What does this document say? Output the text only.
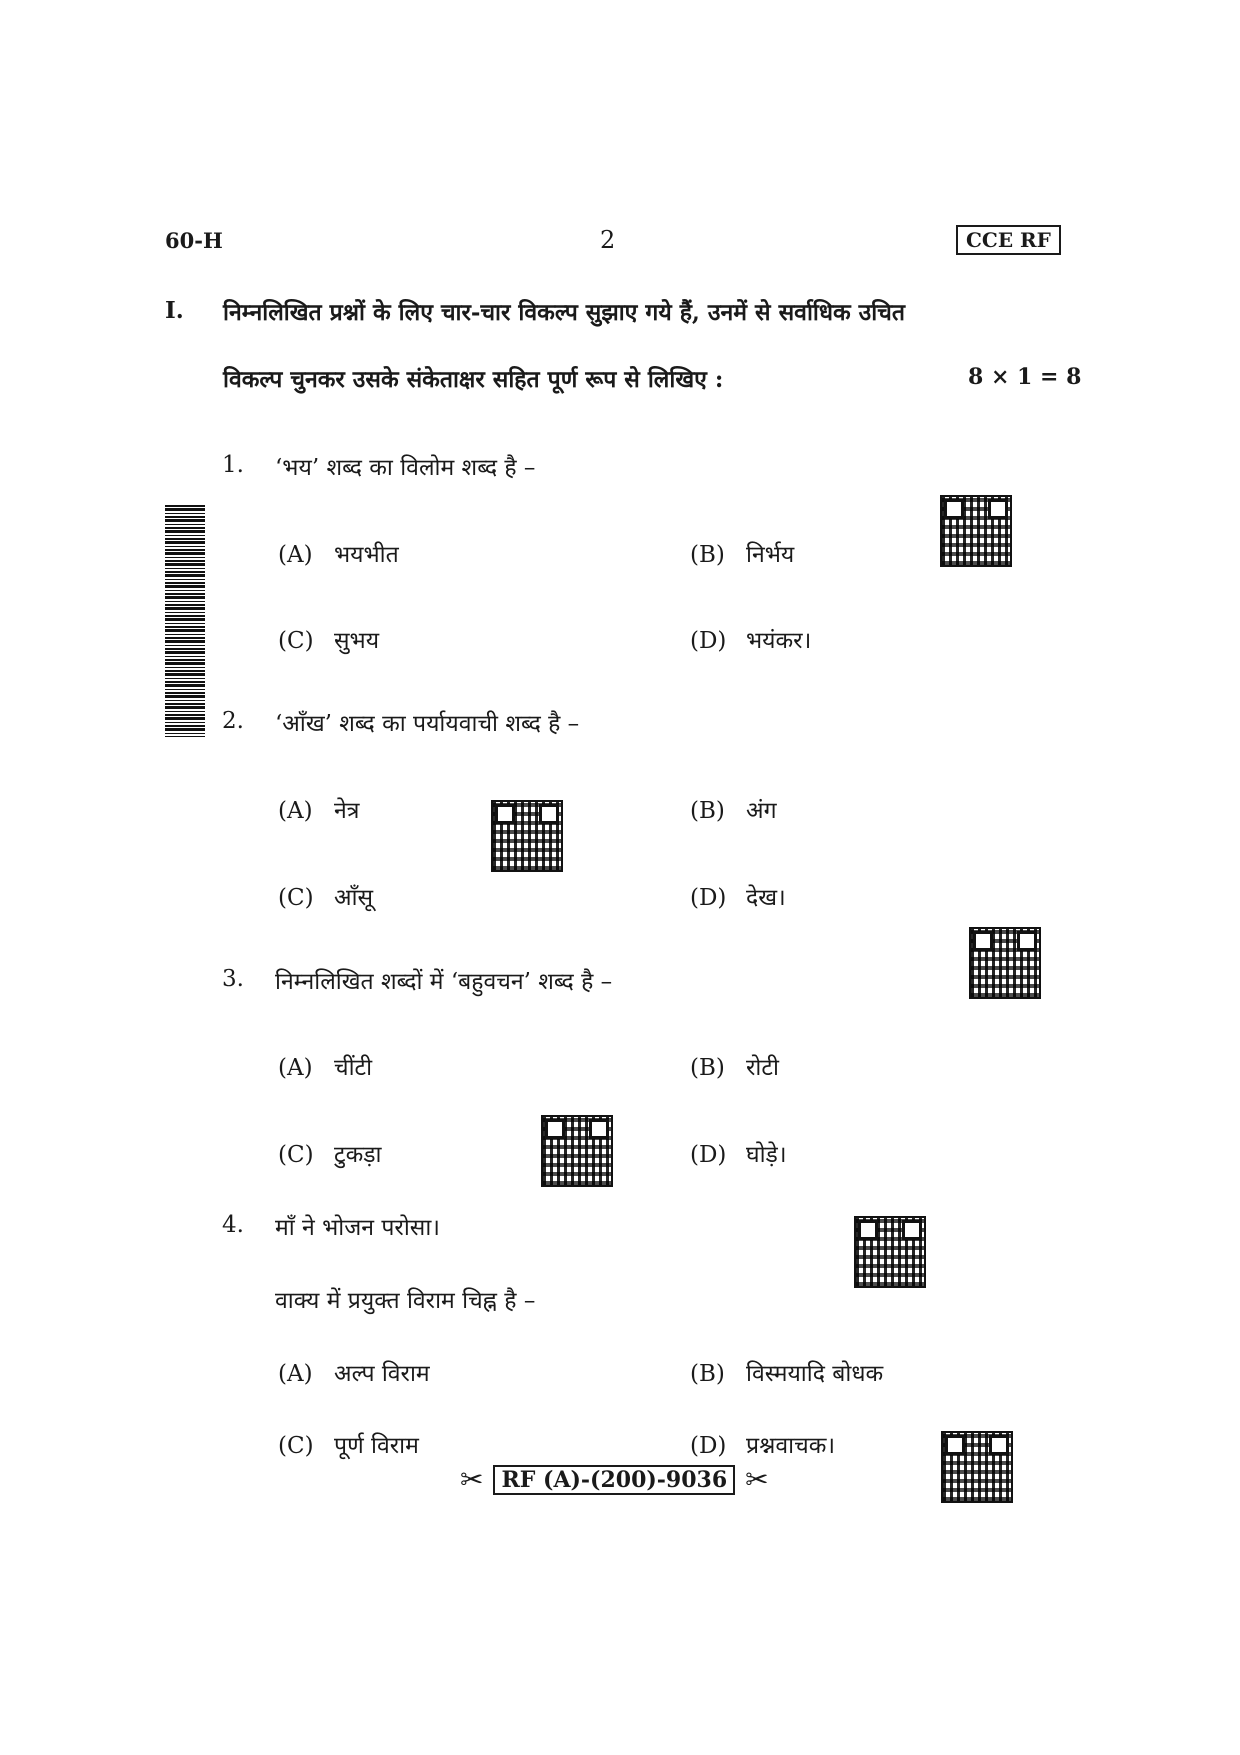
60-H	2	CCE RF
I. निम्नलिखित प्रश्नों के लिए चार-चार विकल्प सुझाए गये हैं, उनमें से सर्वाधिक उचित
विकल्प चुनकर उसके संकेताक्षर सहित पूर्ण रूप से लिखिए :	8 × 1 = 8
1. ‘भय’ शब्द का विलोम शब्द है –
(A) भयभीत	(B) निर्भय
(C) सुभय	(D) भयंकर।
2. ‘आँख’ शब्द का पर्यायवाची शब्द है –
(A) नेत्र	(B) अंग
(C) आँसू	(D) देख।
3. निम्नलिखित शब्दों में ‘बहुवचन’ शब्द है –
(A) चींटी	(B) रोटी
(C) टुकड़ा	(D) घोड़े।
4. माँ ने भोजन परोसा।
वाक्य में प्रयुक्त विराम चिह्न है –
(A) अल्प विराम	(B) विस्मयादि बोधक
(C) पूर्ण विराम	(D) प्रश्नवाचक।
✂ RF (A)-(200)-9036 ✂
